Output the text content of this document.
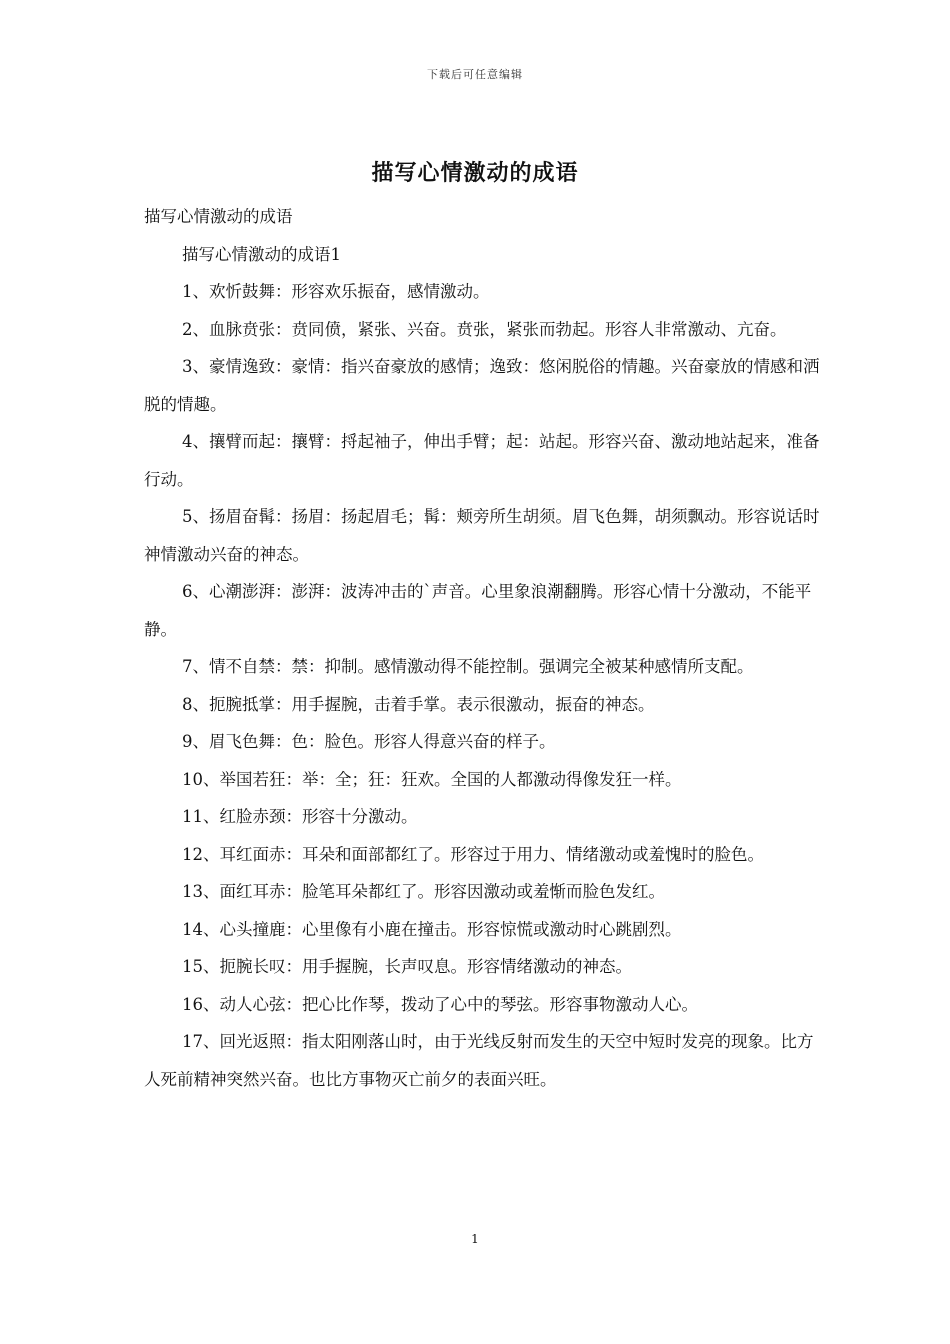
下载后可任意编辑
描写心情激动的成语

描写心情激动的成语

描写心情激动的成语1

1、欢忻鼓舞：形容欢乐振奋，感情激动。

2、血脉贲张：贲同偾，紧张、兴奋。贲张，紧张而勃起。形容人非常激动、亢奋。

3、豪情逸致：豪情：指兴奋豪放的感情；逸致：悠闲脱俗的情趣。兴奋豪放的情感和洒脱的情趣。

4、攘臂而起：攘臂：捋起袖子，伸出手臂；起：站起。形容兴奋、激动地站起来，准备行动。

5、扬眉奋髯：扬眉：扬起眉毛；髯：颊旁所生胡须。眉飞色舞，胡须飘动。形容说话时神情激动兴奋的神态。

6、心潮澎湃：澎湃：波涛冲击的`声音。心里象浪潮翻腾。形容心情十分激动，不能平静。

7、情不自禁：禁：抑制。感情激动得不能控制。强调完全被某种感情所支配。

8、扼腕抵掌：用手握腕，击着手掌。表示很激动，振奋的神态。

9、眉飞色舞：色：脸色。形容人得意兴奋的样子。

10、举国若狂：举：全；狂：狂欢。全国的人都激动得像发狂一样。

11、红脸赤颈：形容十分激动。

12、耳红面赤：耳朵和面部都红了。形容过于用力、情绪激动或羞愧时的脸色。

13、面红耳赤：脸笔耳朵都红了。形容因激动或羞惭而脸色发红。

14、心头撞鹿：心里像有小鹿在撞击。形容惊慌或激动时心跳剧烈。

15、扼腕长叹：用手握腕，长声叹息。形容情绪激动的神态。

16、动人心弦：把心比作琴，拨动了心中的琴弦。形容事物激动人心。

17、回光返照：指太阳刚落山时，由于光线反射而发生的天空中短时发亮的现象。比方人死前精神突然兴奋。也比方事物灭亡前夕的表面兴旺。

1
